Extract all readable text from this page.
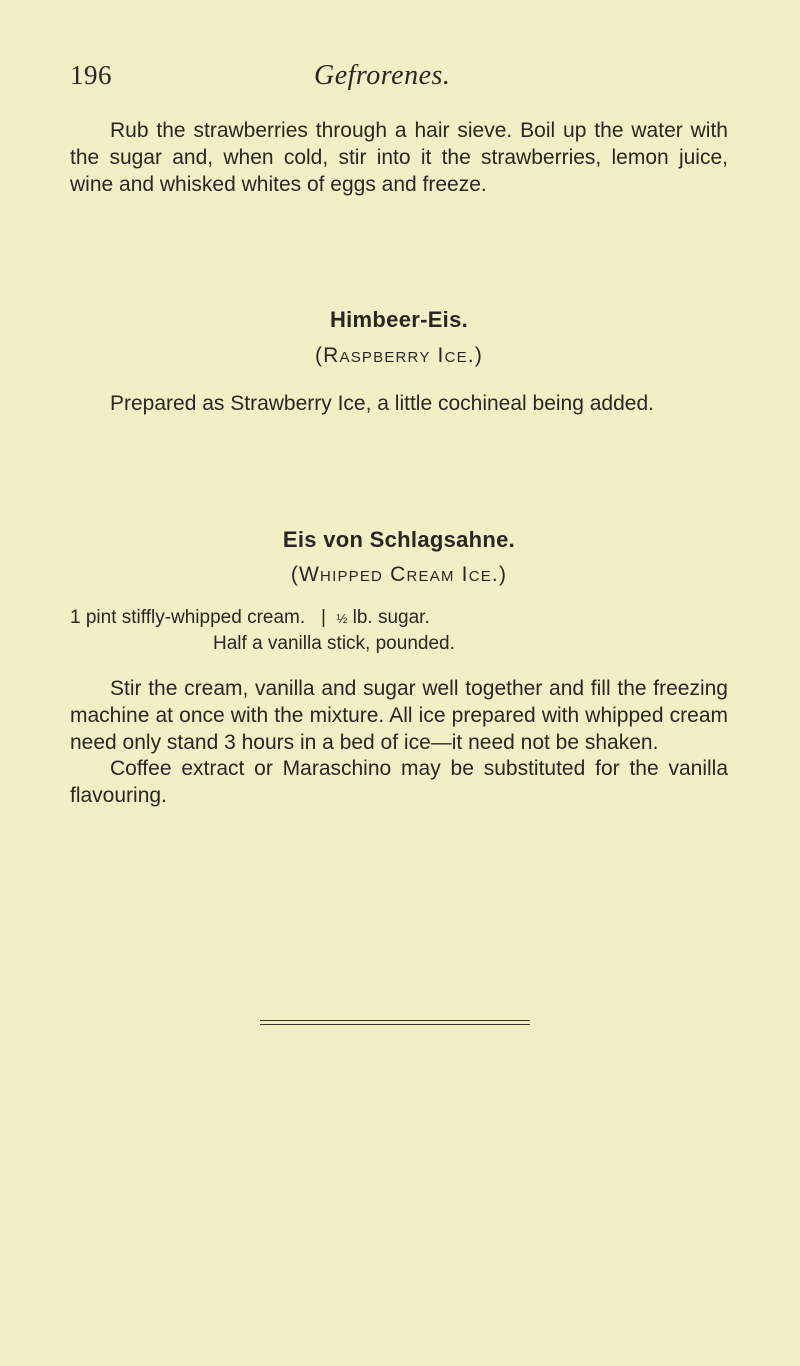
196	Gefrorenes.
Rub the strawberries through a hair sieve. Boil up the water with the sugar and, when cold, stir into it the strawberries, lemon juice, wine and whisked whites of eggs and freeze.
Himbeer-Eis.
(Raspberry Ice.)
Prepared as Strawberry Ice, a little cochineal being added.
Eis von Schlagsahne.
(Whipped Cream Ice.)
1 pint stiffly-whipped cream. | ½ lb. sugar.
Half a vanilla stick, pounded.
Stir the cream, vanilla and sugar well together and fill the freezing machine at once with the mixture. All ice prepared with whipped cream need only stand 3 hours in a bed of ice—it need not be shaken.
Coffee extract or Maraschino may be substituted for the vanilla flavouring.
